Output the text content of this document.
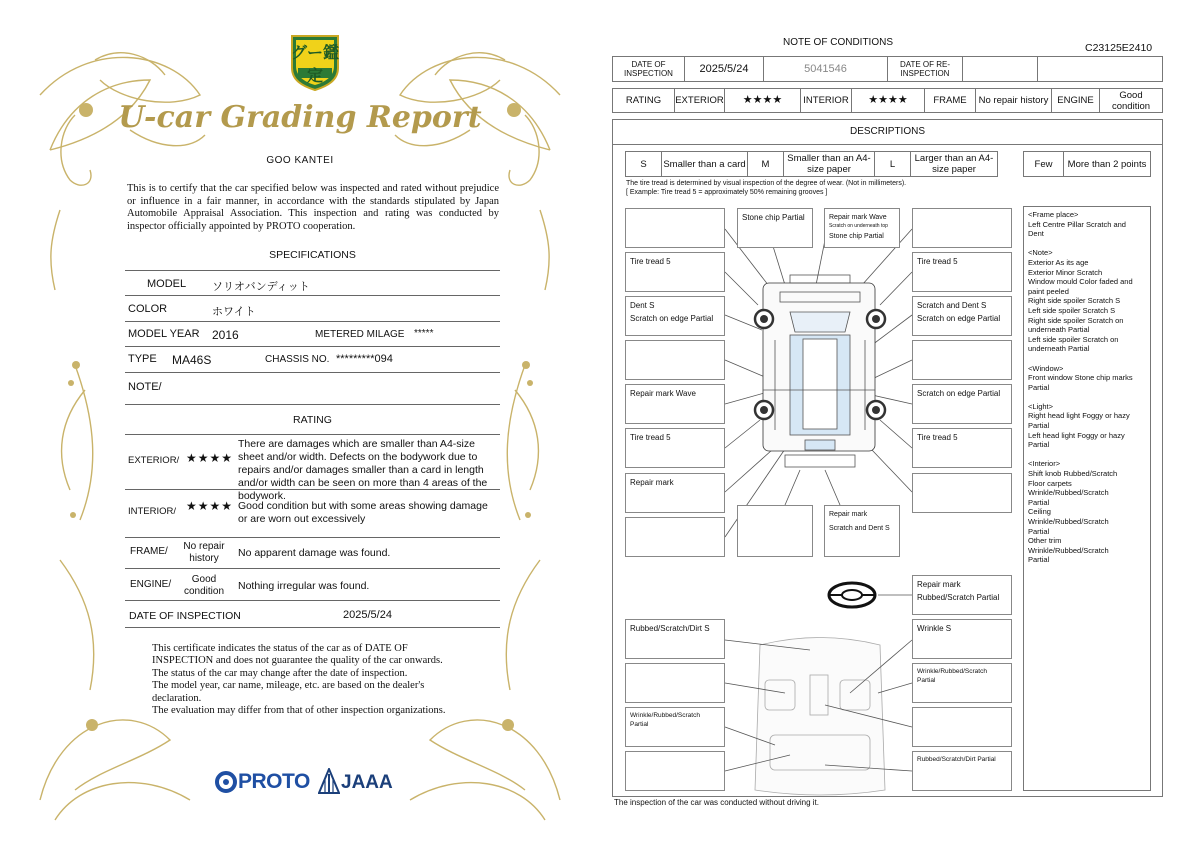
グー鑑定
U-car Grading Report
GOO KANTEI
This is to certify that the car specified below was inspected and rated without prejudice or influence in a fair manner, in accordance with the standards stipulated by Japan Automobile Appraisal Association. This inspection and rating was conducted by inspector officially appointed by PROTO cooperation.
SPECIFICATIONS
MODEL ソリオバンディット
COLOR	ホワイト
MODEL YEAR 2016	METERED MILAGE *****
TYPE MA46S	CHASSIS NO. *********094
NOTE/
RATING
EXTERIOR/ ★★★★
There are damages which are smaller than A4-size sheet and/or width. Defects on the bodywork due to repairs and/or damages smaller than a card in length and/or width can be seen on more than 4 areas of the bodywork.
INTERIOR/ ★★★★ Good condition but with some areas showing damage or are worn out excessively
FRAME/	No repair history	No apparent damage was found.
ENGINE/	Good condition	Nothing irregular was found.
DATE OF INSPECTION	2025/5/24
This certificate indicates the status of the car as of DATE OF
INSPECTION and does not guarantee the quality of the car onwards.
The status of the car may change after the date of inspection.
The model year, car name, mileage, etc. are based on the dealer's
declaration.
The evaluation may differ from that of other inspection organizations.
PROTO JAAA
NOTE OF CONDITIONS	C23125E2410
DATE OF INSPECTION	2025/5/24	5041546	DATE OF RE-INSPECTION
RATING	EXTERIOR	★★★★	INTERIOR	★★★★	FRAME	No repair history ENGINE	Good condition
DESCRIPTIONS
S	Smaller than a card	M	Smaller than an A4-size paper	L	Larger than an A4-size paper	Few	More than 2 points
The tire tread is determined by visual inspection of the degree of wear. (Not in millimeters).
[ Example: Tire tread 5 = approximately 50% remaining grooves ]
Tire tread 5
Dent S
Scratch on edge Partial
Repair mark Wave
Tire tread 5
Repair mark
Stone chip Partial	Repair mark Wave
Scratch on underneath top
Stone chip Partial
Repair mark
Scratch and Dent S
Tire tread 5
Scratch and Dent S
Scratch on edge Partial
Scratch on edge Partial
Tire tread 5
Repair mark
Rubbed/Scratch Partial
Rubbed/Scratch/Dirt S
Wrinkle/Rubbed/Scratch Partial
Wrinkle S
Wrinkle/Rubbed/Scratch Partial
Rubbed/Scratch/Dirt Partial
<Frame place>
Left Centre Pillar Scratch and
Dent
<Note>
Exterior As its age
Exterior Minor Scratch
Window mould Color faded and
paint peeled
Right side spoiler Scratch S
Left side spoiler Scratch S
Right side spoiler Scratch on
underneath Partial
Left side spoiler Scratch on
underneath Partial
<Window>
Front window Stone chip marks
Partial
<Light>
Right head light Foggy or hazy
Partial
Left head light Foggy or hazy
Partial
<Interior>
Shift knob Rubbed/Scratch
Floor carpets
Wrinkle/Rubbed/Scratch
Partial
Ceiling
Wrinkle/Rubbed/Scratch
Partial
Other trim
Wrinkle/Rubbed/Scratch
Partial
The inspection of the car was conducted without driving it.
